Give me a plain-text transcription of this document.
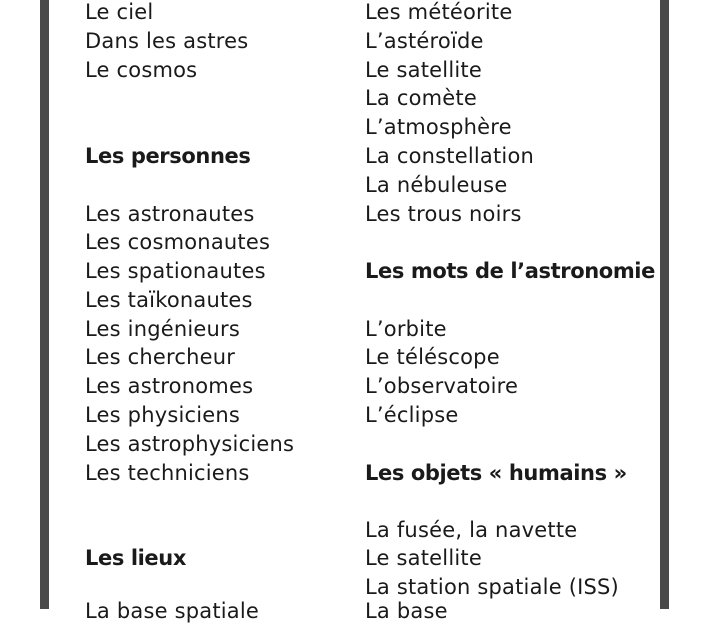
Le ciel
Dans les astres
Le cosmos
Les personnes
Les astronautes
Les cosmonautes
Les spationautes
Les taïkonautes
Les ingénieurs
Les chercheur
Les astronomes
Les physiciens
Les astrophysiciens
Les techniciens
Les lieux
La base spatiale
Les météorite
L’astéroïde
Le satellite
La comète
L’atmosphère
La constellation
La nébuleuse
Les trous noirs
Les mots de l’astronomie
L’orbite
Le téléscope
L’observatoire
L’éclipse
Les objets « humains »
La fusée, la navette
Le satellite
La station spatiale (ISS)
La base
